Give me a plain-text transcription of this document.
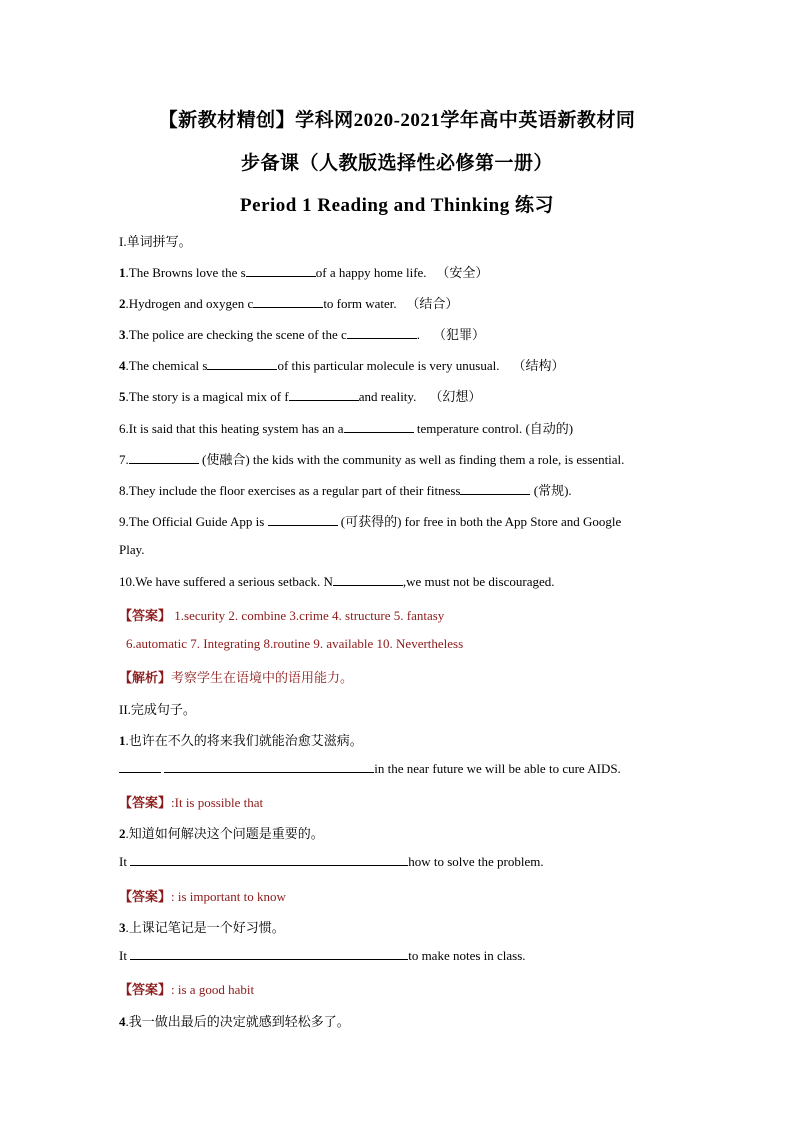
【新教材精创】学科网2020-2021学年高中英语新教材同
步备课（人教版选择性必修第一册）
Period 1 Reading and Thinking 练习
I.单词拼写。
1.The Browns love the s	of a happy home life. （安全）
2.Hydrogen and oxygen c	to form water. （结合）
3.The police are checking the scene of the c	. （犯罪）
4.The chemical s	of this particular molecule is very unusual. （结构）
5.The story is a magical mix of f	and reality. （幻想）
6.It is said that this heating system has an a	temperature control. (自动的)
7.	(使融合) the kids with the community as well as finding them a role, is essential.
8.They include the floor exercises as a regular part of their fitness	(常规).
9.The Official Guide App is	(可获得的) for free in both the App Store and Google
Play.
10.We have suffered a serious setback. N	,we must not be discouraged.
【答案】 1.security 2. combine 3.crime 4. structure 5. fantasy
6.automatic 7. Integrating 8.routine 9. available 10. Nevertheless
【解析】考察学生在语境中的语用能力。
II.完成句子。
1.也许在不久的将来我们就能治愈艾滋病。
in the near future we will be able to cure AIDS.
【答案】:It is possible that
2.知道如何解决这个问题是重要的。
It	how to solve the problem.
【答案】: is important to know
3.上课记笔记是一个好习惯。
It	to make notes in class.
【答案】: is a good habit
4.我一做出最后的决定就感到轻松多了。
